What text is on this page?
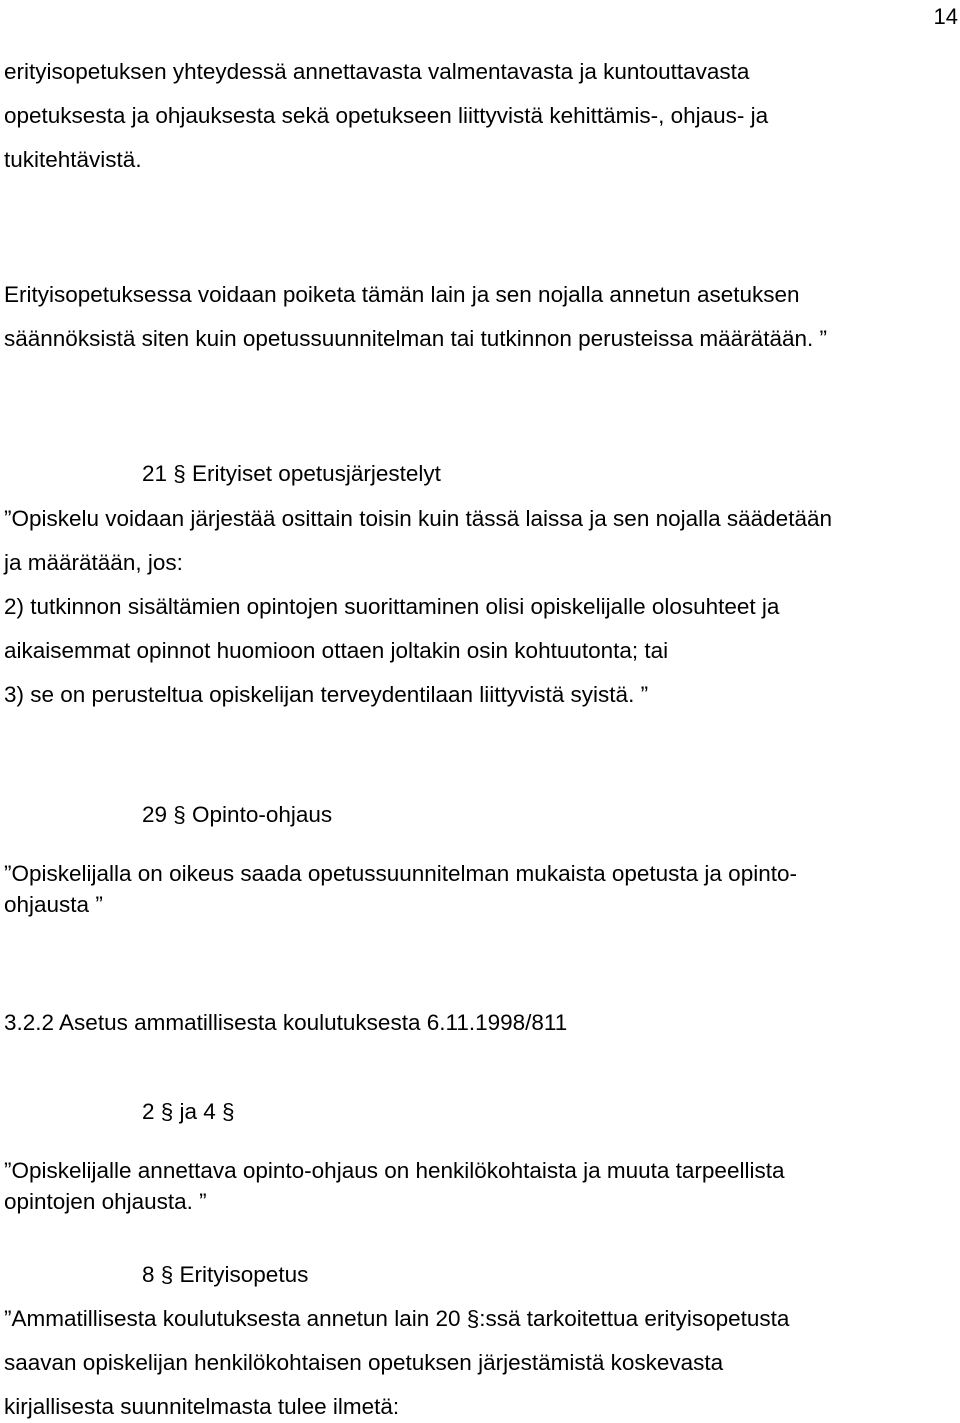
14
erityisopetuksen yhteydessä annettavasta valmentavasta ja kuntouttavasta
opetuksesta ja ohjauksesta sekä opetukseen liittyvistä kehittämis-, ohjaus- ja
tukitehtävistä.
Erityisopetuksessa voidaan poiketa tämän lain ja sen nojalla annetun asetuksen
säännöksistä siten kuin opetussuunnitelman tai tutkinnon perusteissa määrätään. ”
21 § Erityiset opetusjärjestelyt
”Opiskelu voidaan järjestää osittain toisin kuin tässä laissa ja sen nojalla säädetään
ja määrätään, jos:
2) tutkinnon sisältämien opintojen suorittaminen olisi opiskelijalle olosuhteet ja
aikaisemmat opinnot huomioon ottaen joltakin osin kohtuutonta; tai
3) se on perusteltua opiskelijan terveydentilaan liittyvistä syistä. ”
29 § Opinto-ohjaus
”Opiskelijalla on oikeus saada opetussuunnitelman mukaista opetusta ja opinto-
ohjausta ”
3.2.2 Asetus ammatillisesta koulutuksesta 6.11.1998/811
2 § ja 4 §
”Opiskelijalle annettava opinto-ohjaus on henkilökohtaista ja muuta tarpeellista
opintojen ohjausta. ”
8 § Erityisopetus
”Ammatillisesta koulutuksesta annetun lain 20 §:ssä tarkoitettua erityisopetusta
saavan opiskelijan henkilökohtaisen opetuksen järjestämistä koskevasta
kirjallisesta suunnitelmasta tulee ilmetä:
